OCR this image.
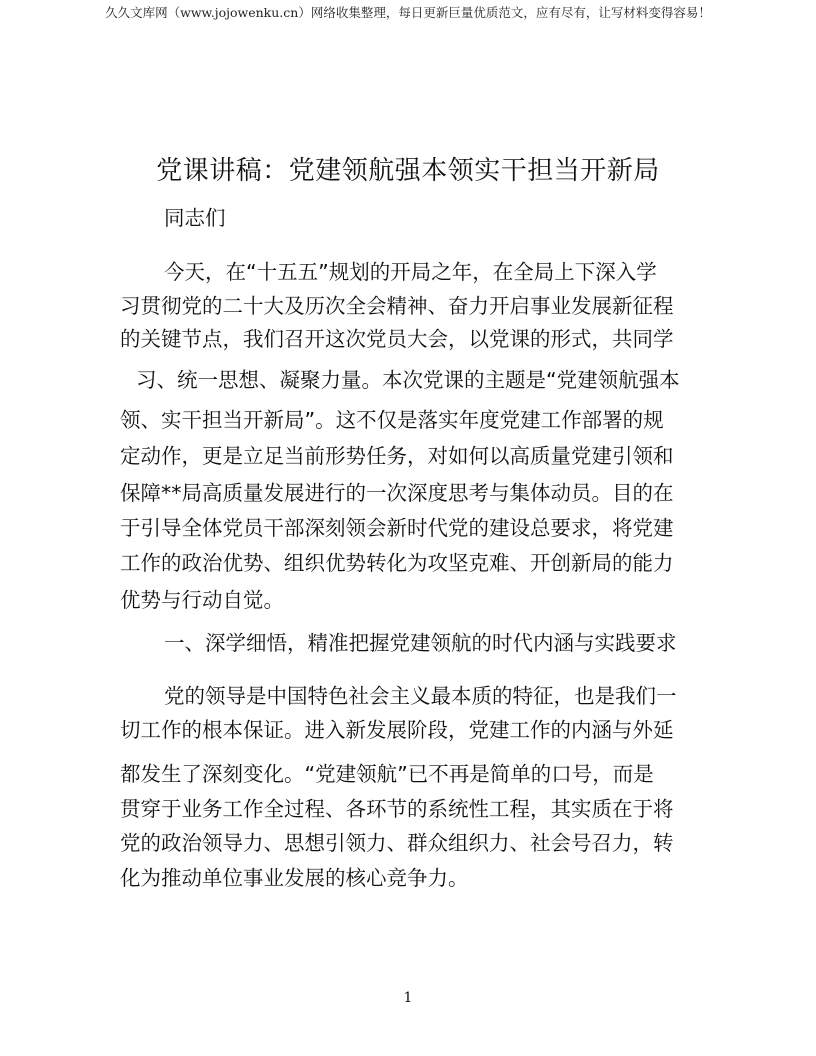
久久文库网（www.jojowenku.cn）网络收集整理，每日更新巨量优质范文，应有尽有，让写材料变得容易！
党课讲稿：党建领航强本领实干担当开新局
同志们
今天，在“十五五”规划的开局之年，在全局上下深入学
习贯彻党的二十大及历次全会精神、奋力开启事业发展新征程
的关键节点，我们召开这次党员大会，以党课的形式，共同学
习、统一思想、凝聚力量。本次党课的主题是“党建领航强本
领、实干担当开新局”。这不仅是落实年度党建工作部署的规
定动作，更是立足当前形势任务，对如何以高质量党建引领和
保障**局高质量发展进行的一次深度思考与集体动员。目的在
于引导全体党员干部深刻领会新时代党的建设总要求，将党建
工作的政治优势、组织优势转化为攻坚克难、开创新局的能力
优势与行动自觉。
一、深学细悟，精准把握党建领航的时代内涵与实践要求
党的领导是中国特色社会主义最本质的特征，也是我们一
切工作的根本保证。进入新发展阶段，党建工作的内涵与外延
都发生了深刻变化。“党建领航”已不再是简单的口号，而是
贯穿于业务工作全过程、各环节的系统性工程，其实质在于将
党的政治领导力、思想引领力、群众组织力、社会号召力，转
化为推动单位事业发展的核心竞争力。
1
